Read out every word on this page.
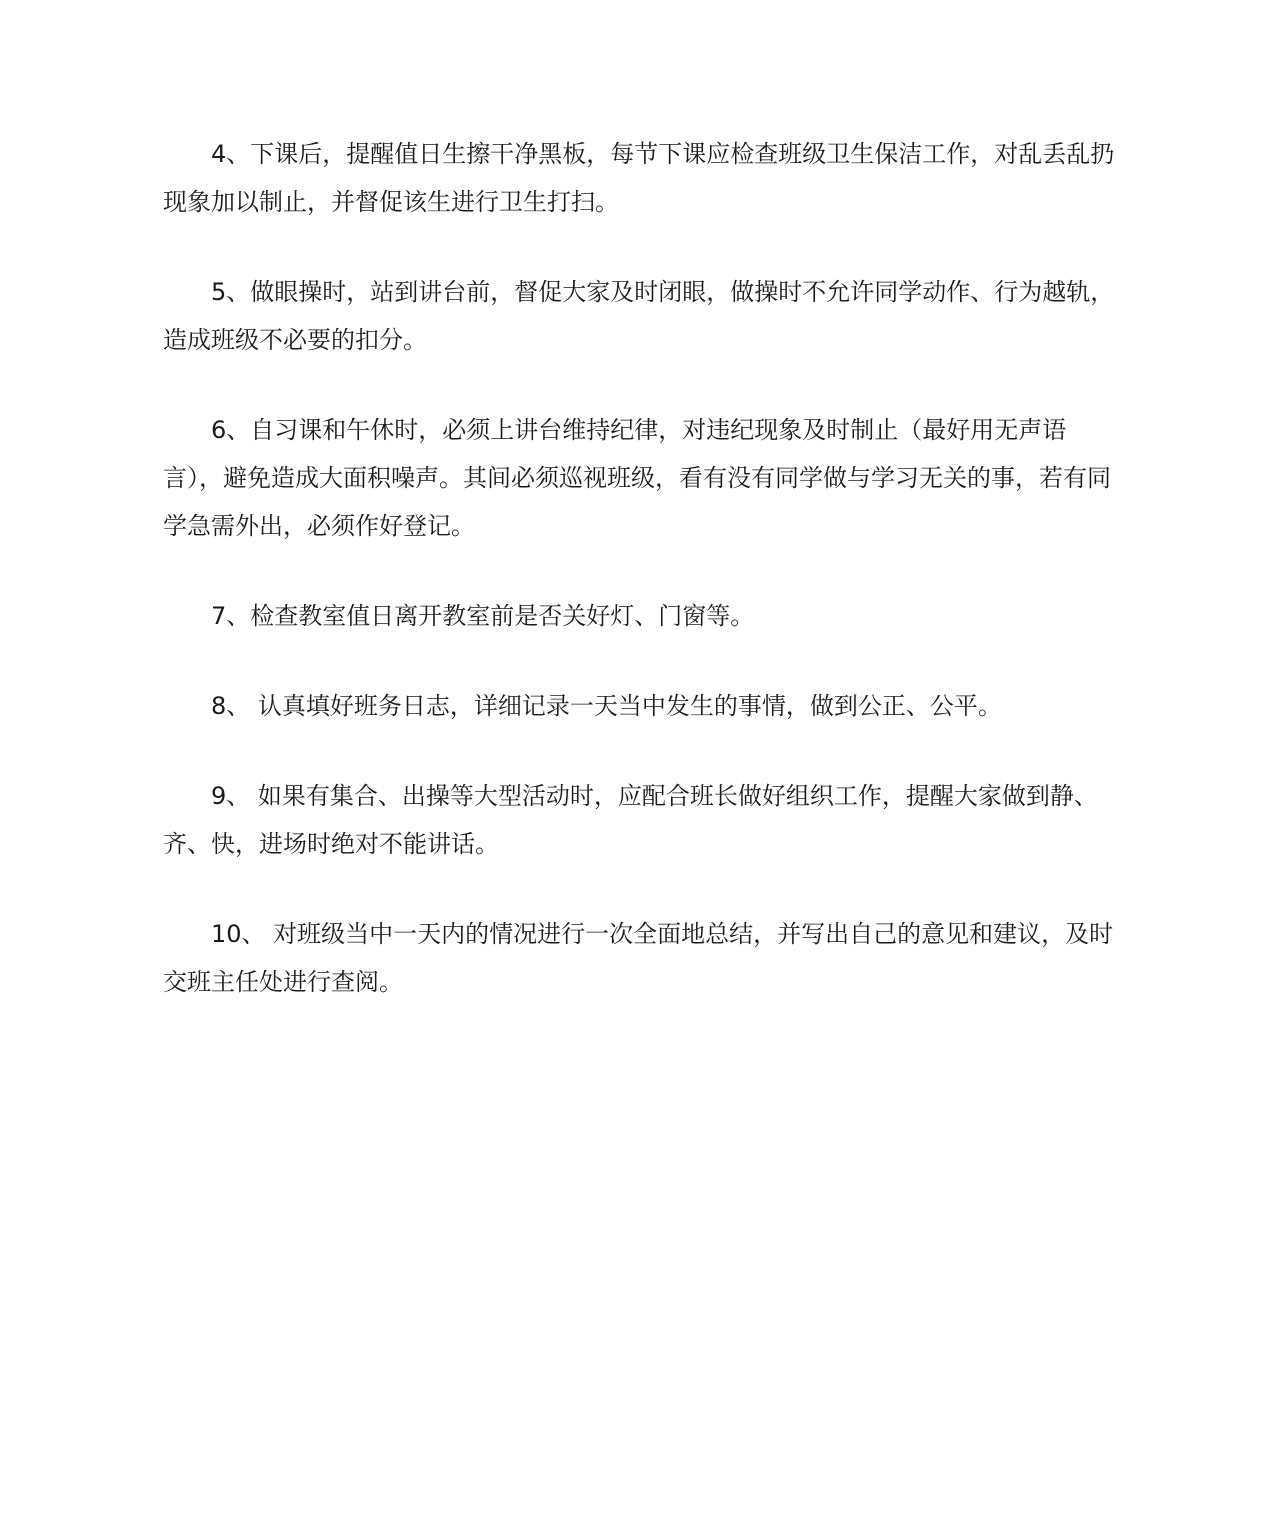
4、下课后，提醒值日生擦干净黑板，每节下课应检查班级卫生保洁工作，对乱丢乱扔现象加以制止，并督促该生进行卫生打扫。

5、做眼操时，站到讲台前，督促大家及时闭眼，做操时不允许同学动作、行为越轨，造成班级不必要的扣分。

6、自习课和午休时，必须上讲台维持纪律，对违纪现象及时制止（最好用无声语言），避免造成大面积噪声。其间必须巡视班级，看有没有同学做与学习无关的事，若有同学急需外出，必须作好登记。

7、检查教室值日离开教室前是否关好灯、门窗等。

8、 认真填好班务日志，详细记录一天当中发生的事情，做到公正、公平。

9、 如果有集合、出操等大型活动时，应配合班长做好组织工作，提醒大家做到静、齐、快，进场时绝对不能讲话。

10、 对班级当中一天内的情况进行一次全面地总结，并写出自己的意见和建议，及时交班主任处进行查阅。
